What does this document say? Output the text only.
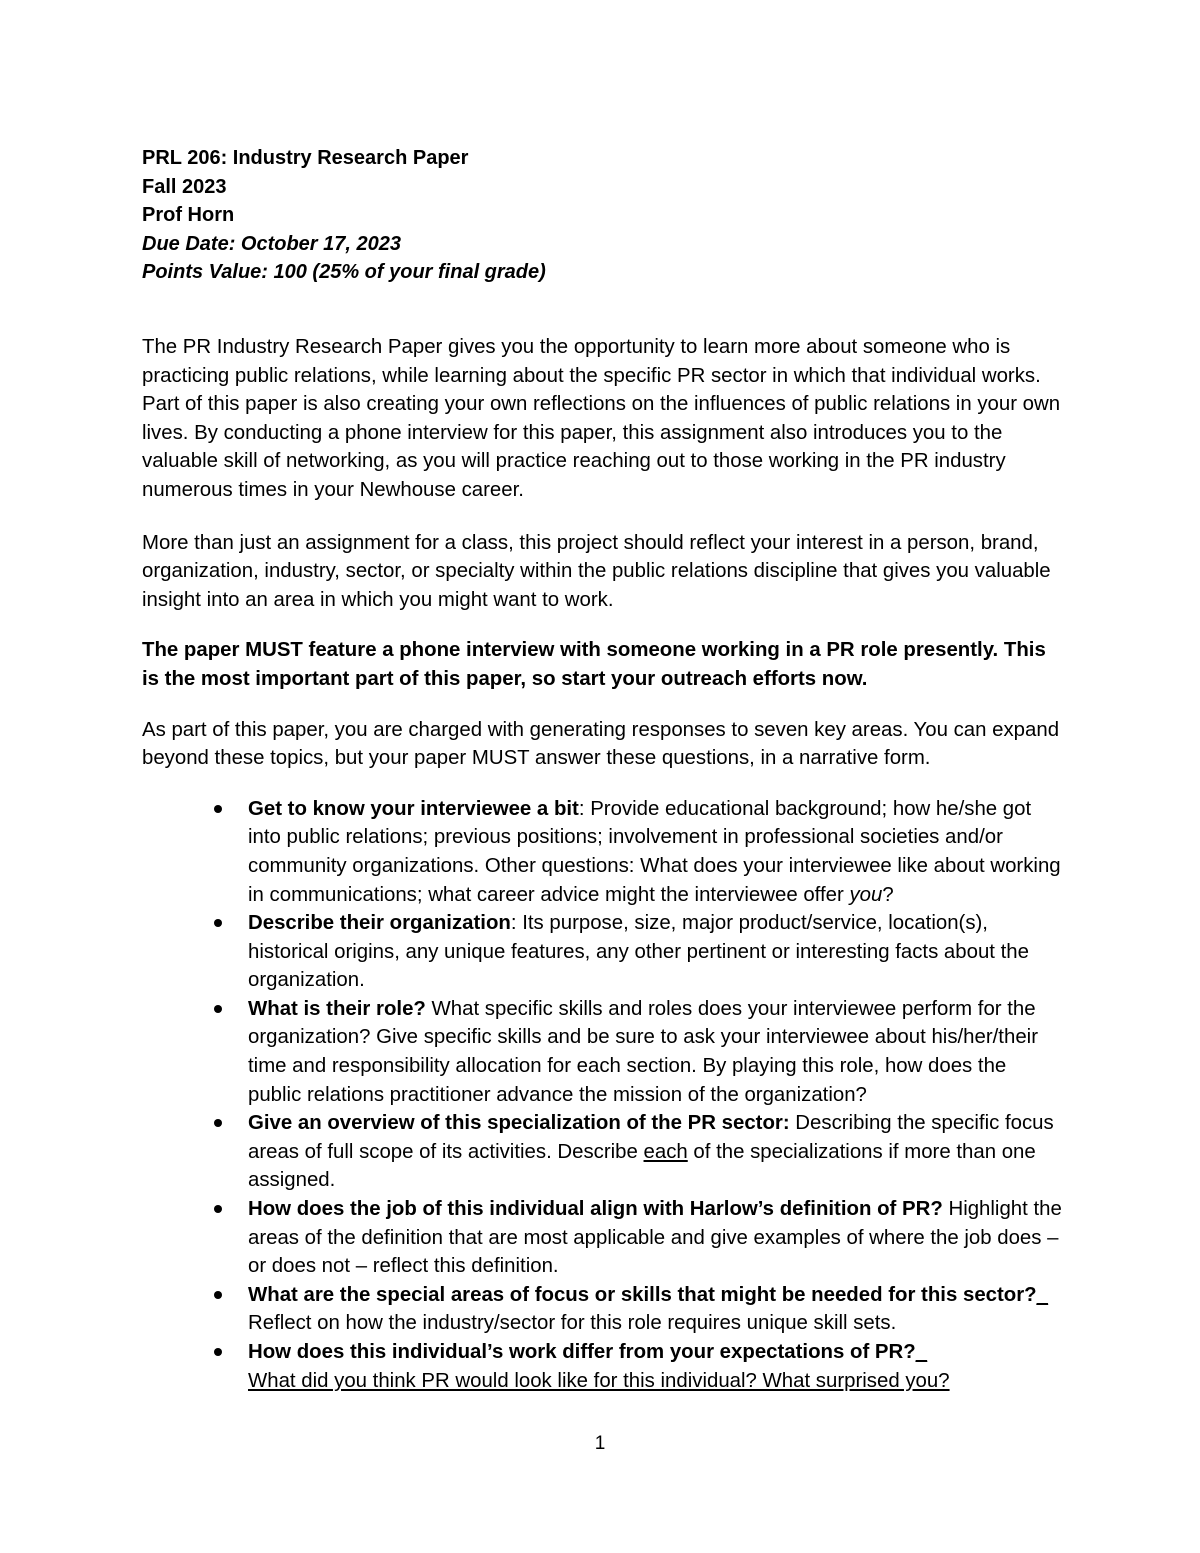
PRL 206: Industry Research Paper
Fall 2023
Prof Horn
Due Date: October 17, 2023
Points Value: 100 (25% of your final grade)

The PR Industry Research Paper gives you the opportunity to learn more about someone who is practicing public relations, while learning about the specific PR sector in which that individual works. Part of this paper is also creating your own reflections on the influences of public relations in your own lives. By conducting a phone interview for this paper, this assignment also introduces you to the valuable skill of networking, as you will practice reaching out to those working in the PR industry numerous times in your Newhouse career.

More than just an assignment for a class, this project should reflect your interest in a person, brand, organization, industry, sector, or specialty within the public relations discipline that gives you valuable insight into an area in which you might want to work.

The paper MUST feature a phone interview with someone working in a PR role presently. This is the most important part of this paper, so start your outreach efforts now.

As part of this paper, you are charged with generating responses to seven key areas. You can expand beyond these topics, but your paper MUST answer these questions, in a narrative form.

Get to know your interviewee a bit: Provide educational background; how he/she got into public relations; previous positions; involvement in professional societies and/or community organizations. Other questions: What does your interviewee like about working in communications; what career advice might the interviewee offer you?
Describe their organization: Its purpose, size, major product/service, location(s), historical origins, any unique features, any other pertinent or interesting facts about the organization.
What is their role? What specific skills and roles does your interviewee perform for the organization? Give specific skills and be sure to ask your interviewee about his/her/their time and responsibility allocation for each section. By playing this role, how does the public relations practitioner advance the mission of the organization?
Give an overview of this specialization of the PR sector: Describing the specific focus areas of full scope of its activities. Describe each of the specializations if more than one assigned.
How does the job of this individual align with Harlow’s definition of PR? Highlight the areas of the definition that are most applicable and give examples of where the job does – or does not – reflect this definition.
What are the special areas of focus or skills that might be needed for this sector?_
Reflect on how the industry/sector for this role requires unique skill sets.
How does this individual’s work differ from your expectations of PR?_
What did you think PR would look like for this individual? What surprised you?
1
